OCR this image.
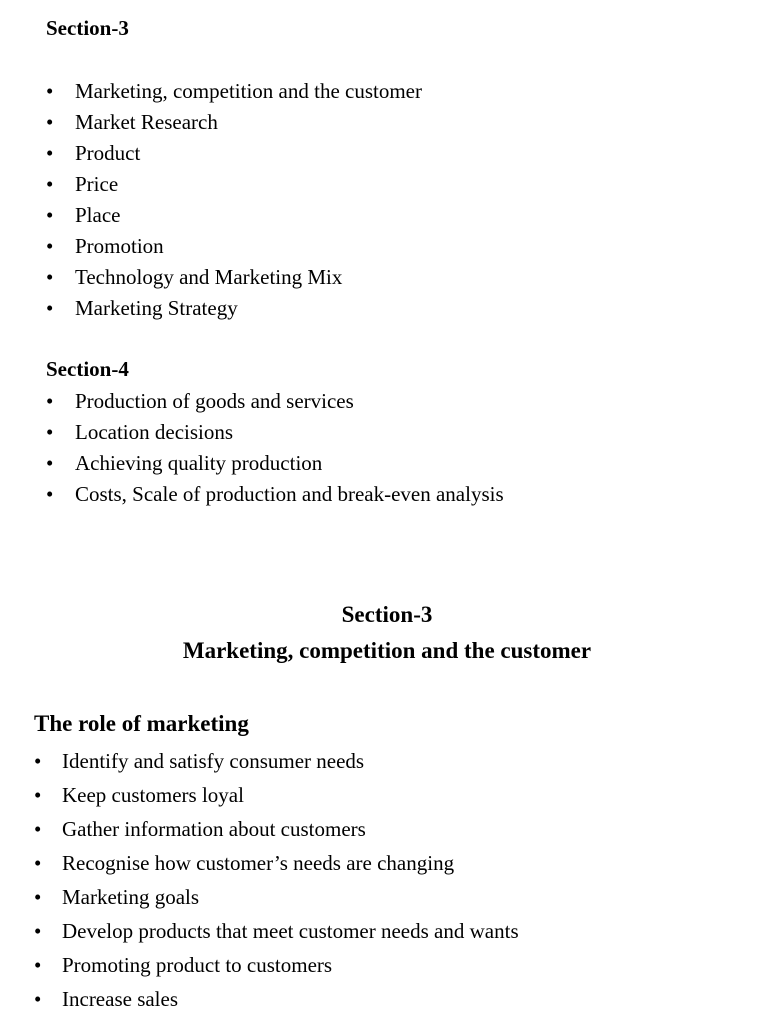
Section-3
• Marketing, competition and the customer
• Market Research
• Product
• Price
• Place
• Promotion
• Technology and Marketing Mix
• Marketing Strategy
Section-4
• Production of goods and services
• Location decisions
• Achieving quality production
• Costs, Scale of production and break-even analysis
Section-3
Marketing, competition and the customer
The role of marketing
• Identify and satisfy consumer needs
• Keep customers loyal
• Gather information about customers
• Recognise how customer’s needs are changing
• Marketing goals
• Develop products that meet customer needs and wants
• Promoting product to customers
• Increase sales
